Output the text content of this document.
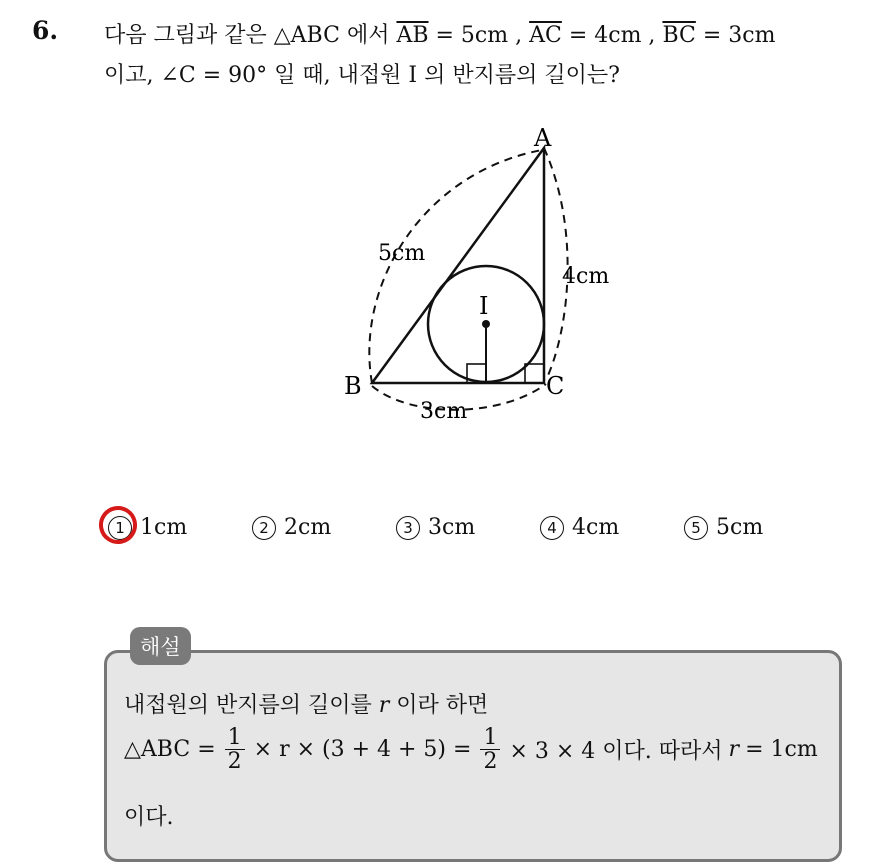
6. 다음 그림과 같은 △ABC 에서 $\overline{AB} = 5cm$ , $\overline{AC} = 4cm$ , $\overline{BC} = 3cm$
이고, ∠C = 90° 일 때, 내접원 I 의 반지름의 길이는?
A
B	C
I
5cm
4cm
3cm
1 1cm	2 2cm	3 3cm	4 4cm	5 5cm
해설
내접원의 반지름의 길이를 r 이라 하면
△ABC = $\frac{1}{2} \times r \times (3 + 4 + 5) = \frac{1}{2} \times 3 \times 4$ 이다. 따라서 r = 1cm
이다.
